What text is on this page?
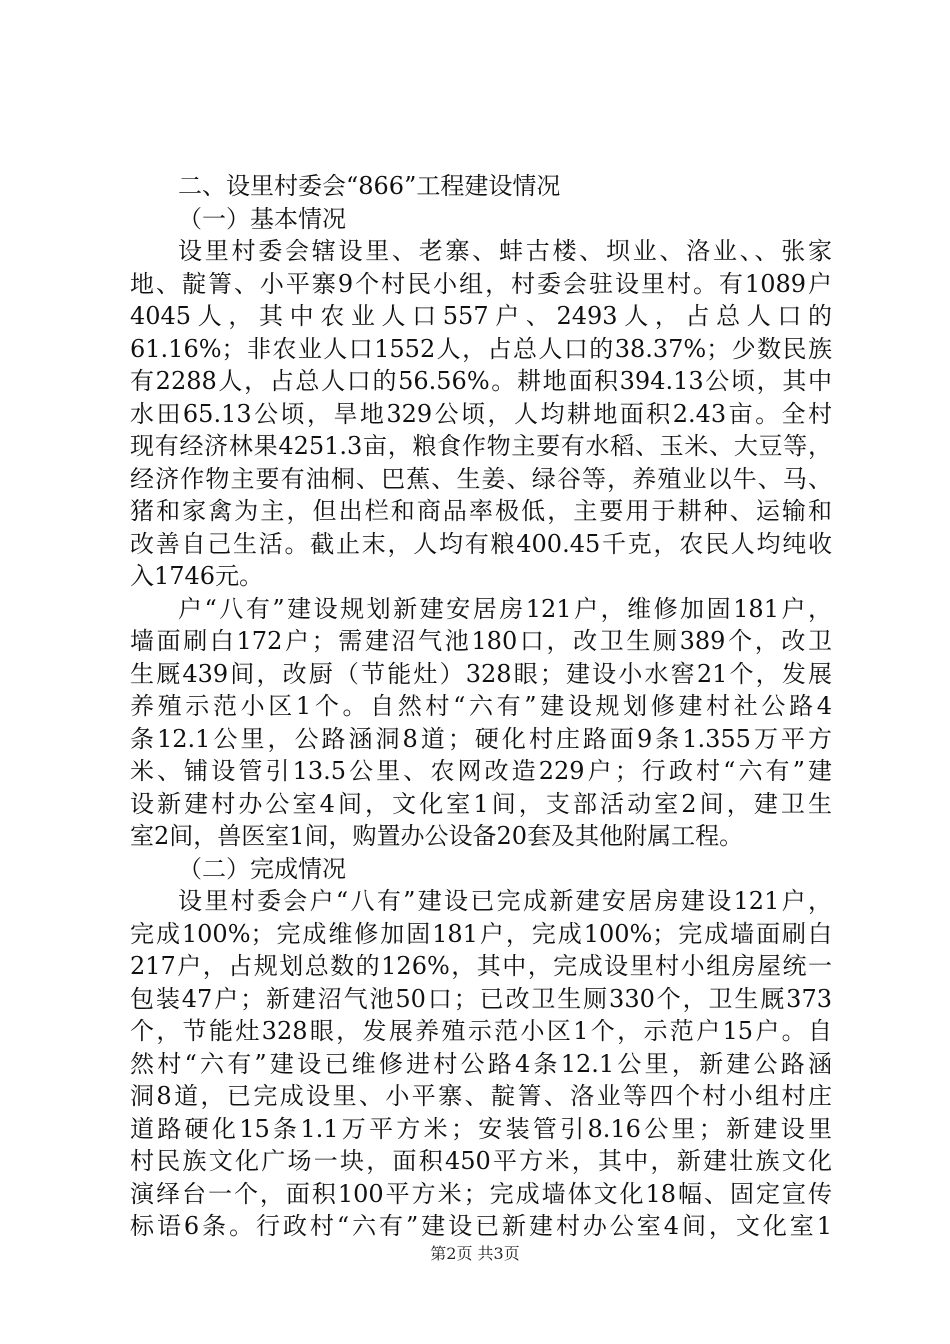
二、设里村委会“866”工程建设情况
（一）基本情况
设里村委会辖设里、老寨、蚌古楼、坝业、洛业、、张家
地、靛箐、小平寨9个村民小组，村委会驻设里村。有1089户
4045人，其中农业人口557户、2493人，占总人口的
61.16%；非农业人口1552人，占总人口的38.37%；少数民族
有2288人，占总人口的56.56%。耕地面积394.13公顷，其中
水田65.13公顷，旱地329公顷，人均耕地面积2.43亩。全村
现有经济林果4251.3亩，粮食作物主要有水稻、玉米、大豆等，
经济作物主要有油桐、巴蕉、生姜、绿谷等，养殖业以牛、马、
猪和家禽为主，但出栏和商品率极低，主要用于耕种、运输和
改善自己生活。截止末，人均有粮400.45千克，农民人均纯收
入1746元。
户“八有”建设规划新建安居房121户，维修加固181户，
墙面刷白172户；需建沼气池180口，改卫生厕389个，改卫
生厩439间，改厨（节能灶）328眼；建设小水窖21个，发展
养殖示范小区1个。自然村“六有”建设规划修建村社公路4
条12.1公里，公路涵洞8道；硬化村庄路面9条1.355万平方
米、铺设管引13.5公里、农网改造229户；行政村“六有”建
设新建村办公室4间，文化室1间，支部活动室2间，建卫生
室2间，兽医室1间，购置办公设备20套及其他附属工程。
（二）完成情况
设里村委会户“八有”建设已完成新建安居房建设121户，
完成100%；完成维修加固181户，完成100%；完成墙面刷白
217户，占规划总数的126%，其中，完成设里村小组房屋统一
包装47户；新建沼气池50口；已改卫生厕330个，卫生厩373
个，节能灶328眼，发展养殖示范小区1个，示范户15户。自
然村“六有”建设已维修进村公路4条12.1公里，新建公路涵
洞8道，已完成设里、小平寨、靛箐、洛业等四个村小组村庄
道路硬化15条1.1万平方米；安装管引8.16公里；新建设里
村民族文化广场一块，面积450平方米，其中，新建壮族文化
演绎台一个，面积100平方米；完成墙体文化18幅、固定宣传
标语6条。行政村“六有”建设已新建村办公室4间，文化室1
第2页 共3页
